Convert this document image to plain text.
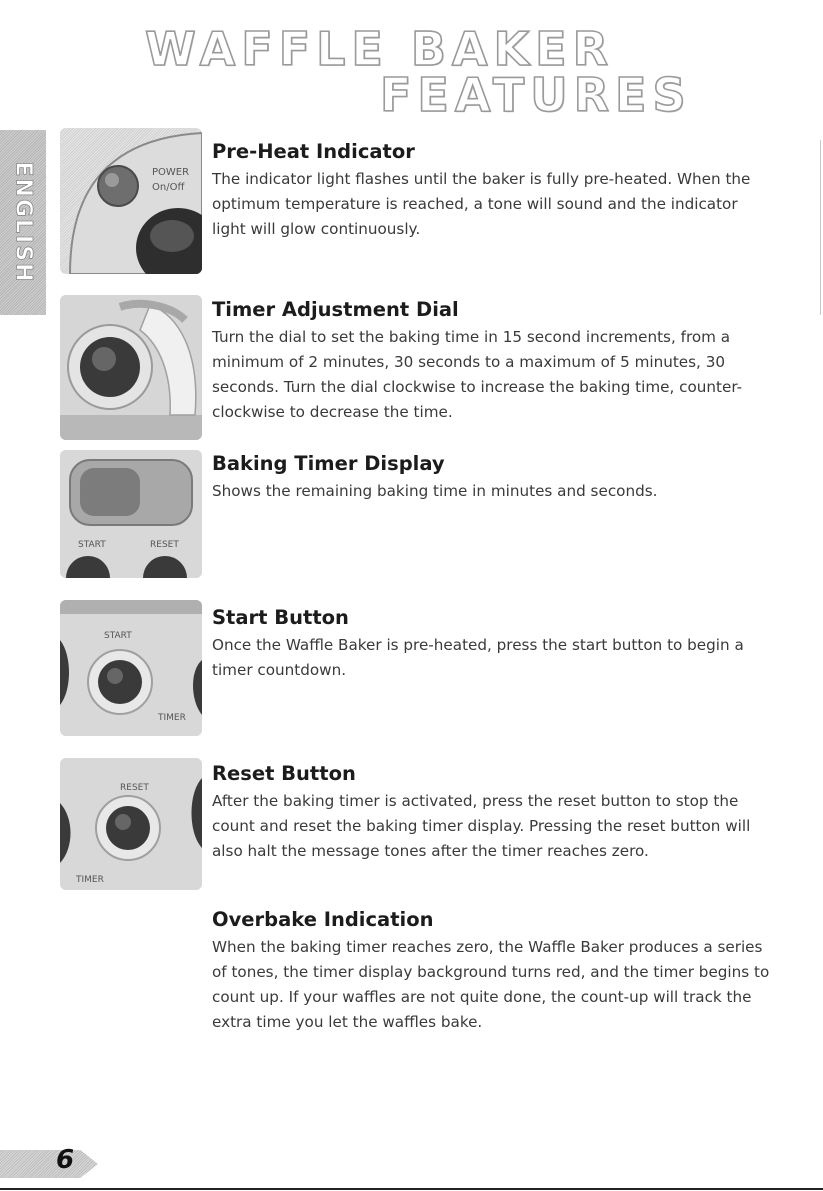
WAFFLE BAKER
FEATURES
ENGLISH	POWER
On/Off
Pre-Heat Indicator

The indicator light flashes until the baker is fully pre-heated. When the optimum temperature is reached, a tone will sound and the indicator light will glow continuously.

Timer Adjustment Dial

Turn the dial to set the baking time in 15 second increments, from a minimum of 2 minutes, 30 seconds to a maximum of 5 minutes, 30 seconds. Turn the dial clockwise to increase the baking time, counter-clockwise to decrease the time.

START	RESET
Baking Timer Display

Shows the remaining baking time in minutes and seconds.

START
TIMER
Start Button

Once the Waffle Baker is pre-heated, press the start button to begin a timer countdown.

RESET
TIMER
Reset Button

After the baking timer is activated, press the reset button to stop the count and reset the baking timer display. Pressing the reset button will also halt the message tones after the timer reaches zero.

Overbake Indication

When the baking timer reaches zero, the Waffle Baker produces a series of tones, the timer display background turns red, and the timer begins to count up. If your waffles are not quite done, the count-up will track the extra time you let the waffles bake.

6
